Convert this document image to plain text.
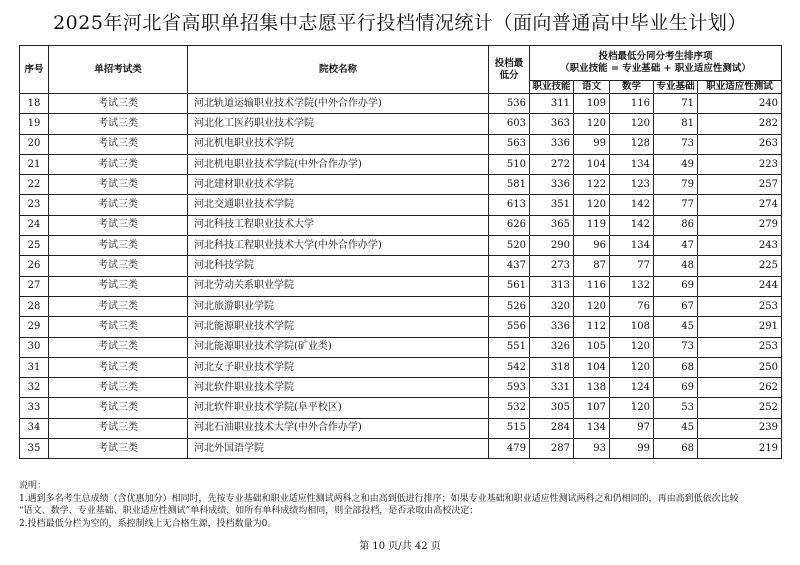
2025年河北省高职单招集中志愿平行投档情况统计（面向普通高中毕业生计划）
序号	单招考试类	院校名称	投档最低分	投档最低分同分考生排序项
（职业技能 = 专业基础 + 职业适应性测试）				

				职业技能	语文	数学	专业基础	职业适应性测试
18	考试三类	河北轨道运输职业技术学院(中外合作办学)	536	311	109	116	71	240
19	考试三类	河北化工医药职业技术学院	603	363	120	120	81	282
20	考试三类	河北机电职业技术学院	563	336	99	128	73	263
21	考试三类	河北机电职业技术学院(中外合作办学)	510	272	104	134	49	223
22	考试三类	河北建材职业技术学院	581	336	122	123	79	257
23	考试三类	河北交通职业技术学院	613	351	120	142	77	274
24	考试三类	河北科技工程职业技术大学	626	365	119	142	86	279
25	考试三类	河北科技工程职业技术大学(中外合作办学)	520	290	96	134	47	243
26	考试三类	河北科技学院	437	273	87	77	48	225
27	考试三类	河北劳动关系职业学院	561	313	116	132	69	244
28	考试三类	河北旅游职业学院	526	320	120	76	67	253
29	考试三类	河北能源职业技术学院	556	336	112	108	45	291
30	考试三类	河北能源职业技术学院(矿业类)	551	326	105	120	73	253
31	考试三类	河北女子职业技术学院	542	318	104	120	68	250
32	考试三类	河北软件职业技术学院	593	331	138	124	69	262
33	考试三类	河北软件职业技术学院(阜平校区)	532	305	107	120	53	252
34	考试三类	河北石油职业技术大学(中外合作办学)	515	284	134	97	45	239
35	考试三类	河北外国语学院	479	287	93	99	68	219

说明：

1.遇到多名考生总成绩（含优惠加分）相同时，先按专业基础和职业适应性测试两科之和由高到低进行排序；如果专业基础和职业适应性测试两科之和仍相同的，再由高到低依次比较

“语文、数学、专业基础、职业适应性测试”单科成绩，如所有单科成绩均相同，则全部投档，是否录取由高校决定；

2.投档最低分栏为空的，系控制线上无合格生源，投档数量为0。

第 10 页/共 42 页
